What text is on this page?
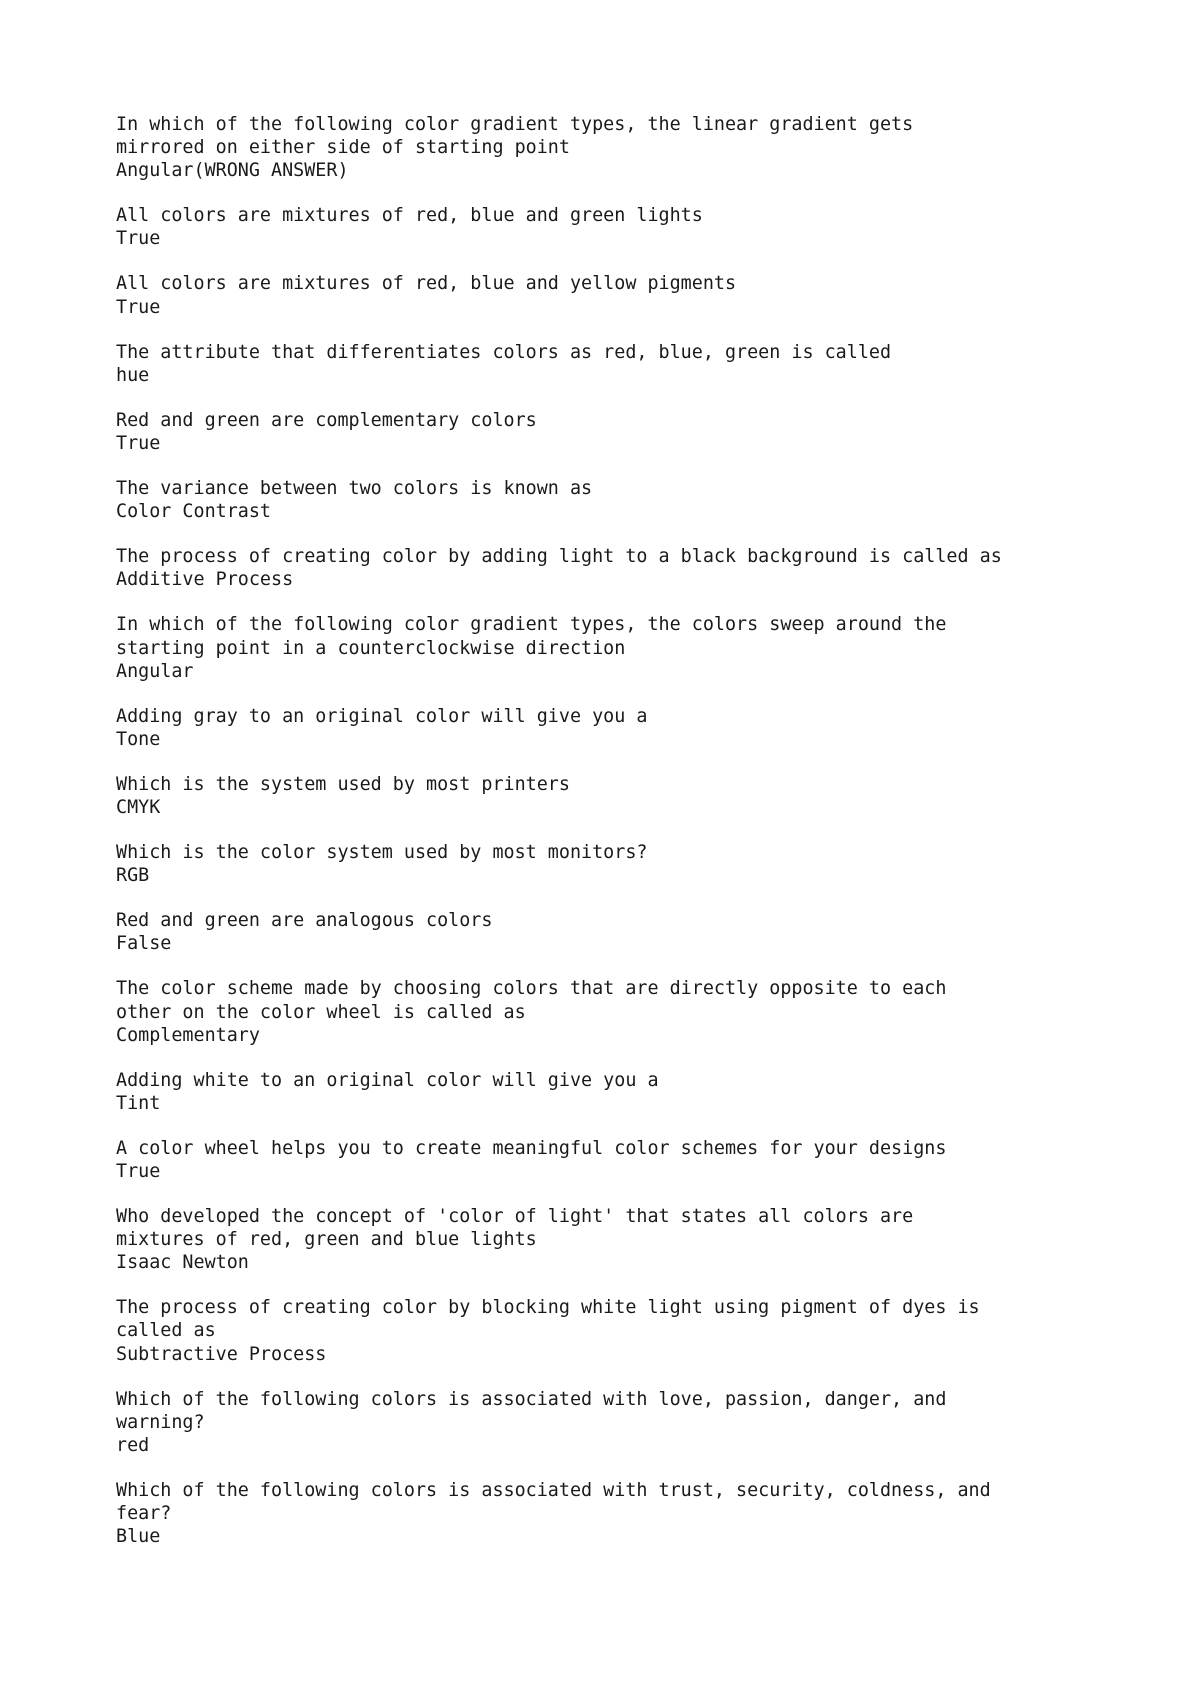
In which of the following color gradient types, the linear gradient gets
mirrored on either side of starting point
Angular(WRONG ANSWER)
All colors are mixtures of red, blue and green lights
True
All colors are mixtures of red, blue and yellow pigments
True
The attribute that differentiates colors as red, blue, green is called
hue
Red and green are complementary colors
True
The variance between two colors is known as
Color Contrast
The process of creating color by adding light to a black background is called as
Additive Process
In which of the following color gradient types, the colors sweep around the
starting point in a counterclockwise direction
Angular
Adding gray to an original color will give you a
Tone
Which is the system used by most printers
CMYK
Which is the color system used by most monitors?
RGB
Red and green are analogous colors
False
The color scheme made by choosing colors that are directly opposite to each
other on the color wheel is called as
Complementary
Adding white to an original color will give you a
Tint
A color wheel helps you to create meaningful color schemes for your designs
True
Who developed the concept of 'color of light' that states all colors are
mixtures of red, green and blue lights
Isaac Newton
The process of creating color by blocking white light using pigment of dyes is
called as
Subtractive Process
Which of the following colors is associated with love, passion, danger, and
warning?
red
Which of the following colors is associated with trust, security, coldness, and
fear?
Blue
